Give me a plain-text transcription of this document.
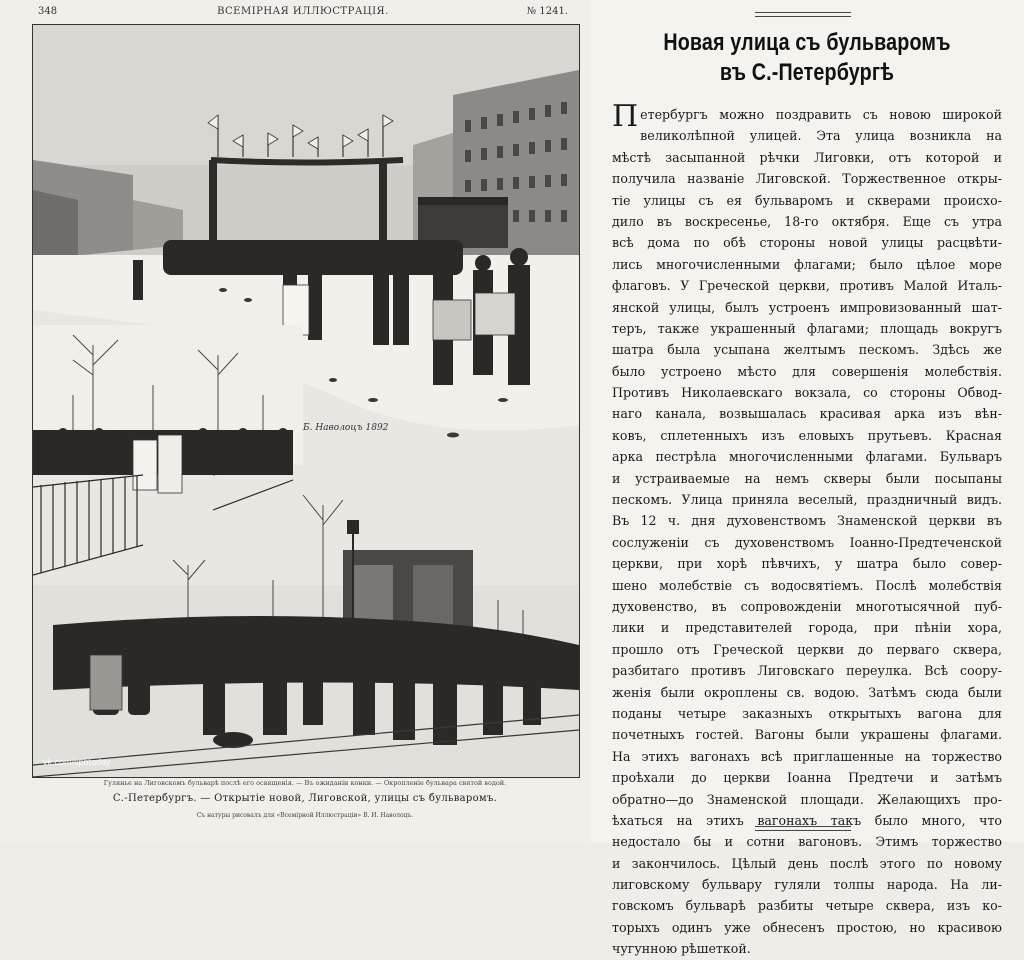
348	ВСЕМІРНАЯ ИЛЛЮСТРАЦІЯ.	№ 1241.
Б. Наволоцъ 1892
vk.com/spbtoday
Гулянье на Лиговскомъ бульварѣ послѣ его освященія. — Въ ожиданіи конки. — Окропленіе бульвара святой водой.
С.-Петербургъ. — Открытіе новой, Лиговской, улицы съ бульваромъ.
Съ натуры рисовалъ для «Всемірной Иллюстраціи» В. И. Наволоцъ.
Новая улица съ бульваромъ
въ С.-Петербургѣ
П етербургъ можно поздравить съ новою широкой
великолѣпной улицей. Эта улица возникла на
мѣстѣ засыпанной рѣчки Лиговки, отъ которой и
получила названіе Лиговской. Торжественное откры-
тіе улицы съ ея бульваромъ и скверами происхо-
дило въ воскресенье, 18-го октября. Еще съ утра
всѣ дома по обѣ стороны новой улицы расцвѣти-
лись многочисленными флагами; было цѣлое море
флаговъ. У Греческой церкви, противъ Малой Италь-
янской улицы, былъ устроенъ импровизованный шат-
теръ, также украшенный флагами; площадь вокругъ
шатра была усыпана желтымъ пескомъ. Здѣсь же
было устроено мѣсто для совершенія молебствія.
Противъ Николаевскаго вокзала, со стороны Обвод-
наго канала, возвышалась красивая арка изъ вѣн-
ковъ, сплетенныхъ изъ еловыхъ прутьевъ. Красная
арка пестрѣла многочисленными флагами. Бульваръ
и устраиваемые на немъ скверы были посыпаны
пескомъ. Улица приняла веселый, праздничный видъ.
Въ 12 ч. дня духовенствомъ Знаменской церкви въ
сослуженіи съ духовенствомъ Іоанно-Предтеченской
церкви, при хорѣ пѣвчихъ, у шатра было совер-
шено молебствіе съ водосвятіемъ. Послѣ молебствія
духовенство, въ сопровожденіи многотысячной пуб-
лики и представителей города, при пѣніи хора,
прошло отъ Греческой церкви до перваго сквера,
разбитаго противъ Лиговскаго переулка. Всѣ соору-
женія были окроплены св. водою. Затѣмъ сюда были
поданы четыре заказныхъ открытыхъ вагона для
почетныхъ гостей. Вагоны были украшены флагами.
На этихъ вагонахъ всѣ приглашенные на торжество
проѣхали до церкви Іоанна Предтечи и затѣмъ
обратно—до Знаменской площади. Желающихъ про-
ѣхаться на этихъ вагонахъ такъ было много, что
недостало бы и сотни вагоновъ. Этимъ торжество
и закончилось. Цѣлый день послѣ этого по новому
лиговскому бульвару гуляли толпы народа. На ли-
говскомъ бульварѣ разбиты четыре сквера, изъ ко-
торыхъ одинъ уже обнесенъ простою, но красивою
чугунною рѣшеткой.
